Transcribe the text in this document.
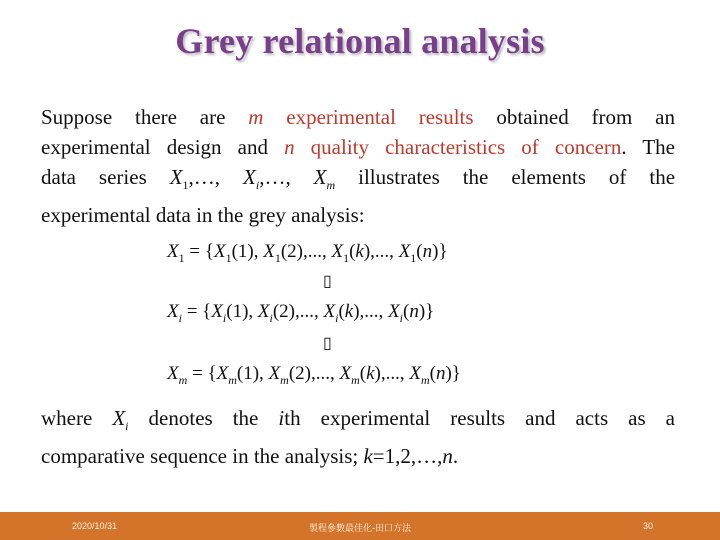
Grey relational analysis
Suppose there are m experimental results obtained from an
experimental design and n quality characteristics of concern. The
data series $X_1,\dots$, $X_i,\dots$, $X_m$ illustrates the elements of the
experimental data in the grey analysis:
$X_1 = \{X_1(1)$, $X_1(2)$,..., $X_1(k)$,..., $X_1(n)$}
▯
$X_i = \{X_i(1)$, $X_i(2)$,..., $X_i(k)$,..., $X_i(n)$}
▯
$X_m = \{X_m(1)$, $X_m(2)$,..., $X_m(k)$,..., $X_m(n)$}
where $X_i$ denotes the ith experimental results and acts as a
comparative sequence in the analysis; k=1,2,…,n.
2020/10/31	製程參數最佳化-田口方法	30
